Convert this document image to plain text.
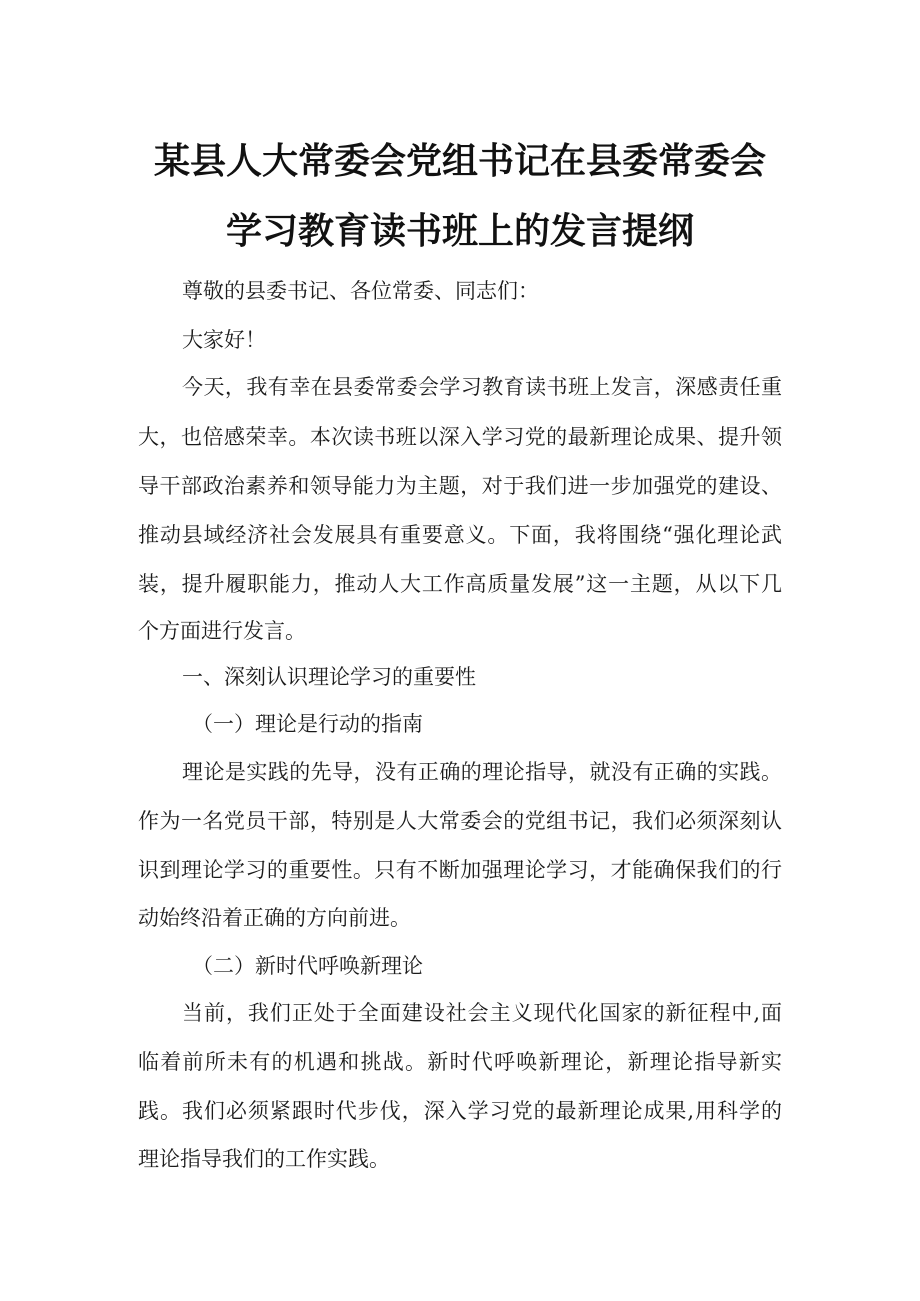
某县人大常委会党组书记在县委常委会
学习教育读书班上的发言提纲
尊敬的县委书记、各位常委、同志们：
大家好！
今天，我有幸在县委常委会学习教育读书班上发言，深感责任重
大，也倍感荣幸。本次读书班以深入学习党的最新理论成果、提升领
导干部政治素养和领导能力为主题，对于我们进一步加强党的建设、
推动县域经济社会发展具有重要意义。下面，我将围绕“强化理论武
装，提升履职能力，推动人大工作高质量发展”这一主题，从以下几
个方面进行发言。
一、深刻认识理论学习的重要性
（一）理论是行动的指南
理论是实践的先导，没有正确的理论指导，就没有正确的实践。
作为一名党员干部，特别是人大常委会的党组书记，我们必须深刻认
识到理论学习的重要性。只有不断加强理论学习，才能确保我们的行
动始终沿着正确的方向前进。
（二）新时代呼唤新理论
当前，我们正处于全面建设社会主义现代化国家的新征程中,面
临着前所未有的机遇和挑战。新时代呼唤新理论，新理论指导新实
践。我们必须紧跟时代步伐，深入学习党的最新理论成果,用科学的
理论指导我们的工作实践。
